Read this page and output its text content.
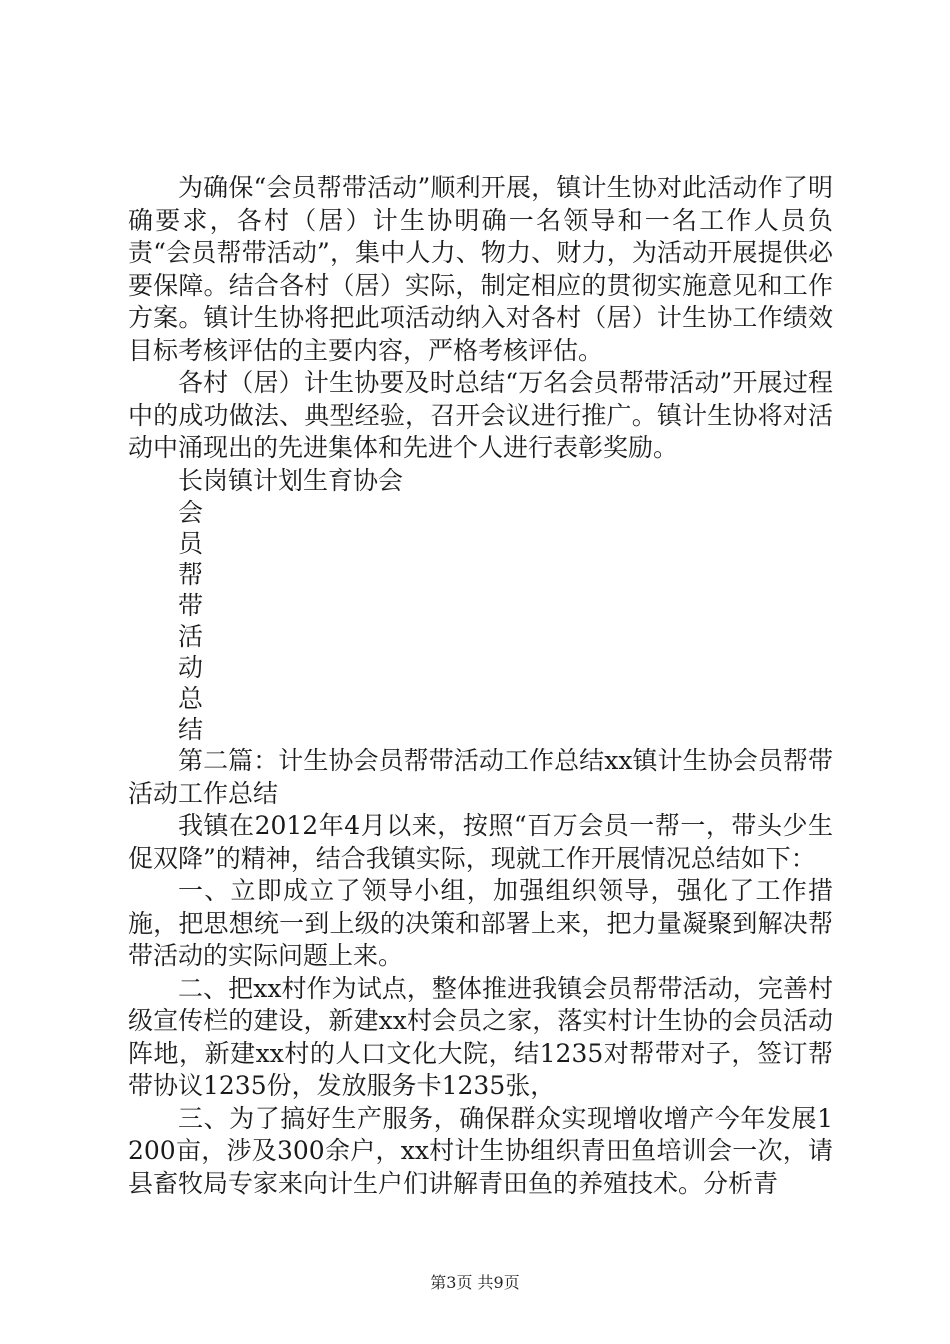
为确保“会员帮带活动”顺利开展，镇计生协对此活动作了明确要求，各村（居）计生协明确一名领导和一名工作人员负责“会员帮带活动”，集中人力、物力、财力，为活动开展提供必要保障。结合各村（居）实际，制定相应的贯彻实施意见和工作方案。镇计生协将把此项活动纳入对各村（居）计生协工作绩效目标考核评估的主要内容，严格考核评估。

各村（居）计生协要及时总结“万名会员帮带活动”开展过程中的成功做法、典型经验，召开会议进行推广。镇计生协将对活动中涌现出的先进集体和先进个人进行表彰奖励。

长岗镇计划生育协会

会
员
帮
带
活
动
总
结

第二篇：计生协会员帮带活动工作总结xx镇计生协会员帮带活动工作总结

我镇在2012年4月以来，按照“百万会员一帮一，带头少生促双降”的精神，结合我镇实际，现就工作开展情况总结如下：

一、立即成立了领导小组，加强组织领导，强化了工作措施，把思想统一到上级的决策和部署上来，把力量凝聚到解决帮带活动的实际问题上来。

二、把xx村作为试点，整体推进我镇会员帮带活动，完善村级宣传栏的建设，新建xx村会员之家，落实村计生协的会员活动阵地，新建xx村的人口文化大院，结1235对帮带对子，签订帮带协议1235份，发放服务卡1235张，

三、为了搞好生产服务，确保群众实现增收增产今年发展1200亩，涉及300余户，xx村计生协组织青田鱼培训会一次，请县畜牧局专家来向计生户们讲解青田鱼的养殖技术。分析青

第3页 共9页
